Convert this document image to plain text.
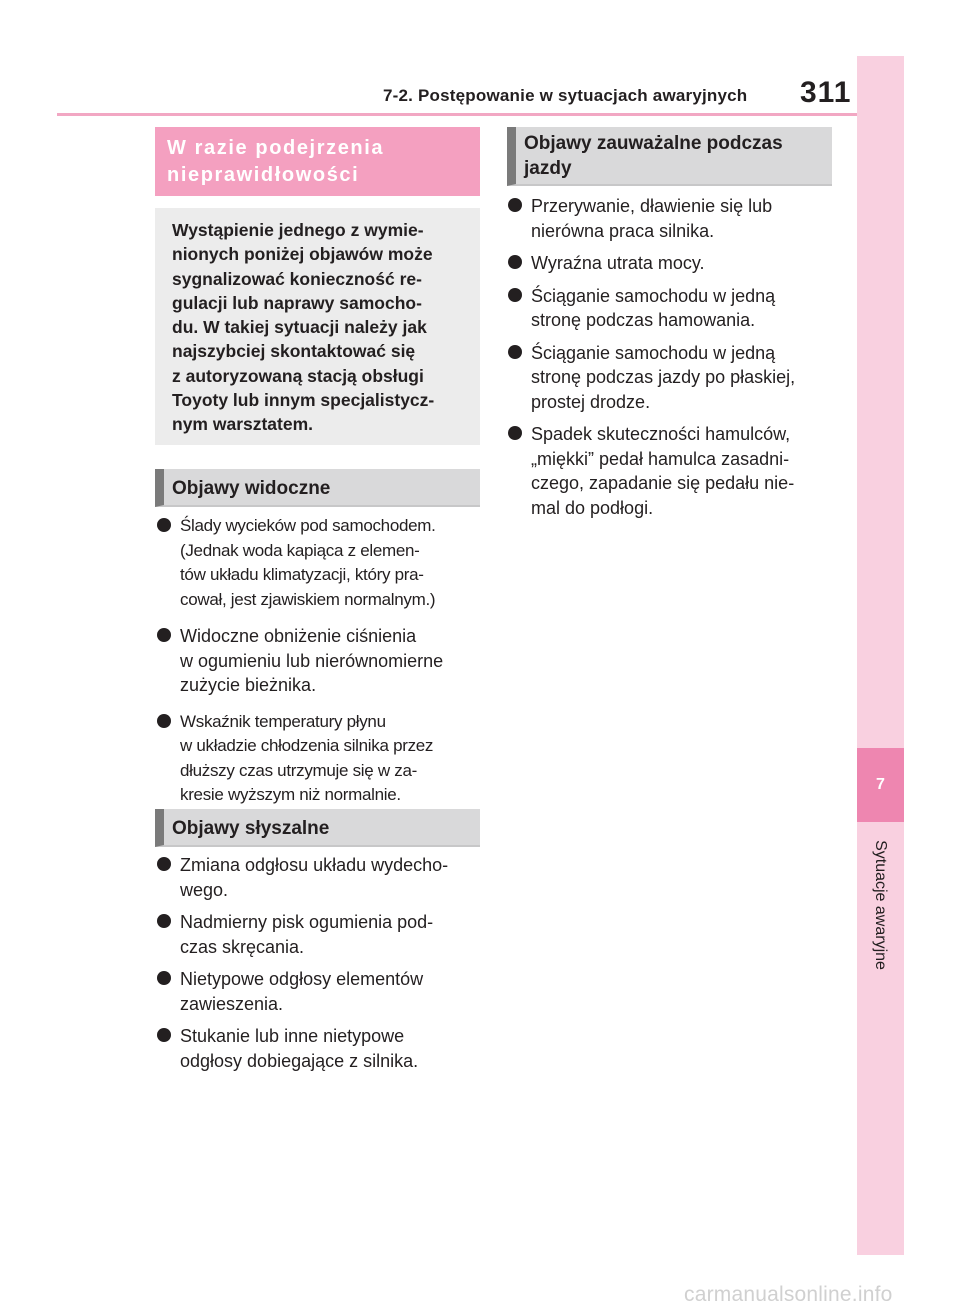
7-2. Postępowanie w sytuacjach awaryjnych 311
7
Sytuacje awaryjne
W razie podejrzenia
nieprawidłowości
Wystąpienie jednego z wymie-
nionych poniżej objawów może
sygnalizować konieczność re-
gulacji lub naprawy samocho-
du. W takiej sytuacji należy jak
najszybciej skontaktować się
z autoryzowaną stacją obsługi
Toyoty lub innym specjalistycz-
nym warsztatem.
Objawy widoczne
Ślady wycieków pod samochodem.
(Jednak woda kapiąca z elemen-
tów układu klimatyzacji, który pra-
cował, jest zjawiskiem normalnym.)
Widoczne obniżenie ciśnienia
w ogumieniu lub nierównomierne
zużycie bieżnika.
Wskaźnik temperatury płynu
w układzie chłodzenia silnika przez
dłuższy czas utrzymuje się w za-
kresie wyższym niż normalnie.
Objawy słyszalne
Zmiana odgłosu układu wydecho-
wego.
Nadmierny pisk ogumienia pod-
czas skręcania.
Nietypowe odgłosy elementów
zawieszenia.
Stukanie lub inne nietypowe
odgłosy dobiegające z silnika.
Objawy zauważalne podczas
jazdy
Przerywanie, dławienie się lub
nierówna praca silnika.
Wyraźna utrata mocy.
Ściąganie samochodu w jedną
stronę podczas hamowania.
Ściąganie samochodu w jedną
stronę podczas jazdy po płaskiej,
prostej drodze.
Spadek skuteczności hamulców,
„miękki” pedał hamulca zasadni-
czego, zapadanie się pedału nie-
mal do podłogi.
carmanualsonline.info
